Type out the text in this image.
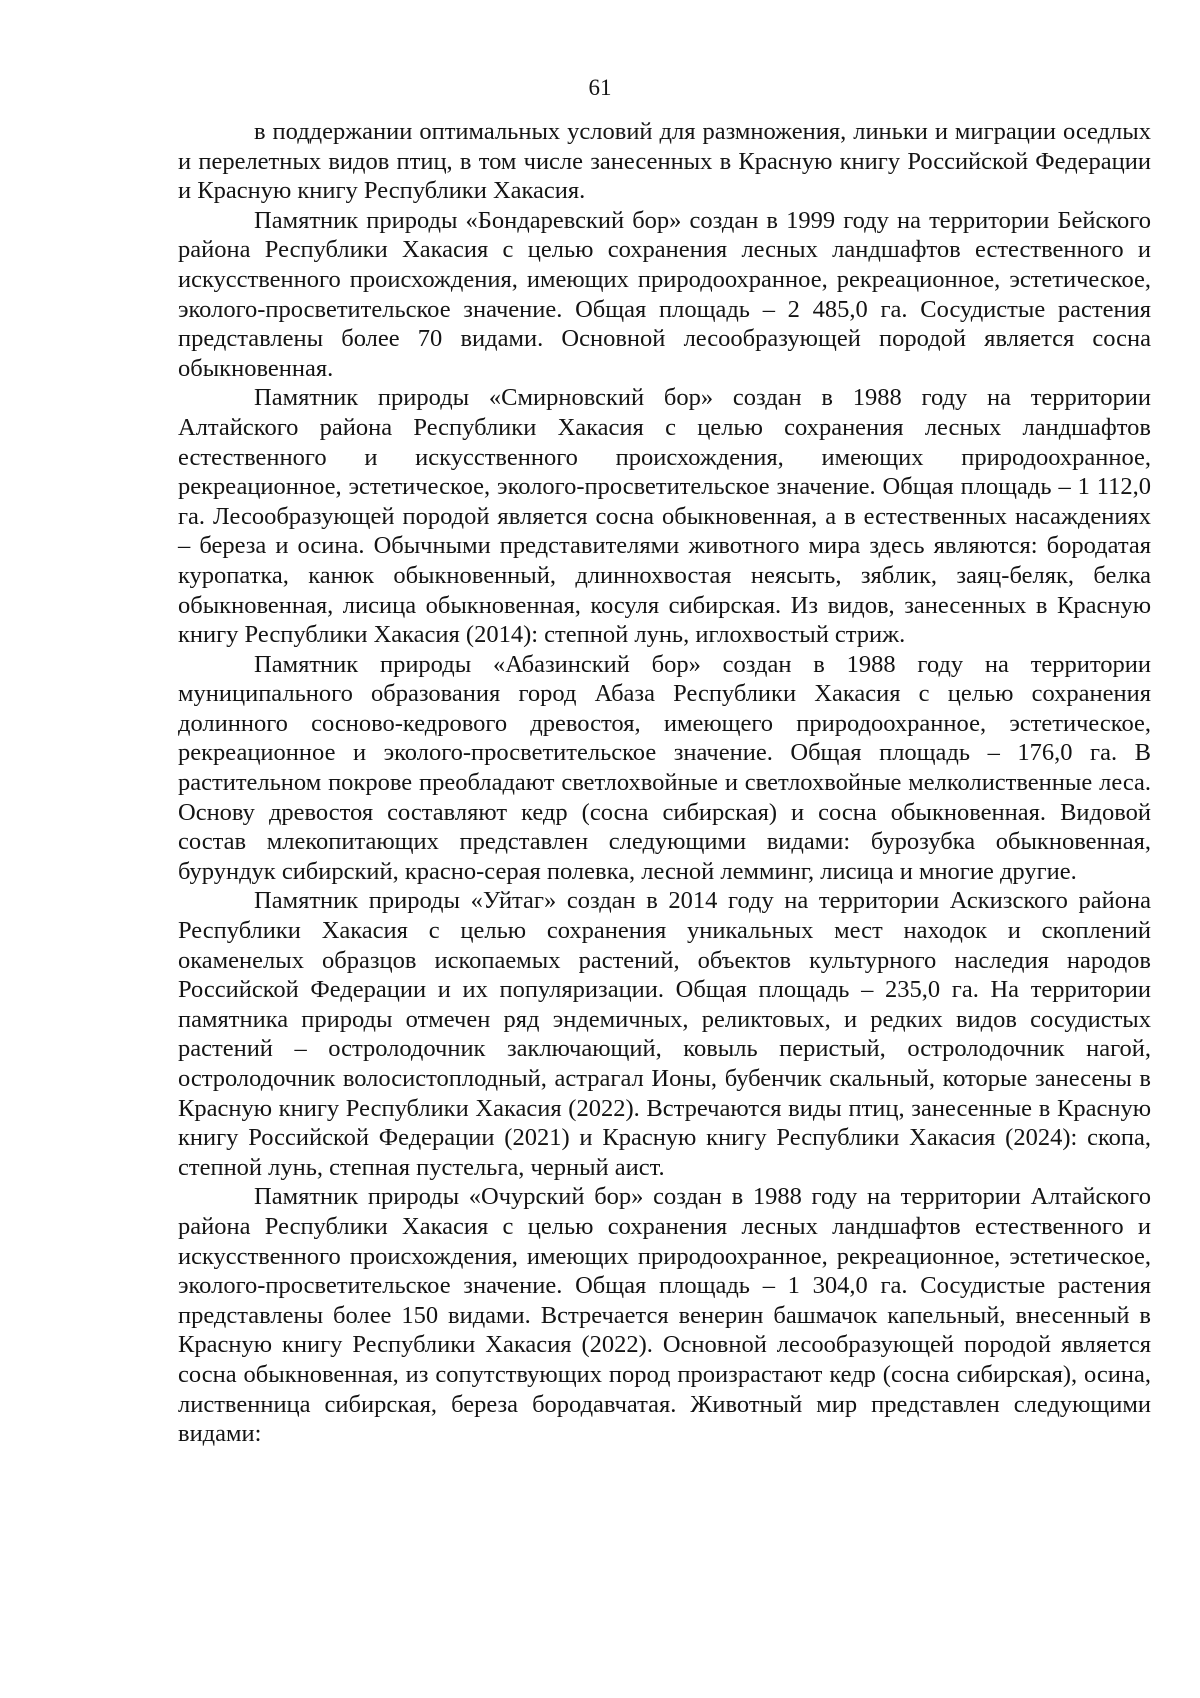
61

в поддержании оптимальных условий для размножения, линьки и миграции оседлых и перелетных видов птиц, в том числе занесенных в Красную книгу Российской Федерации и Красную книгу Республики Хакасия.

Памятник природы «Бондаревский бор» создан в 1999 году на территории Бейского района Республики Хакасия с целью сохранения лесных ландшафтов естественного и искусственного происхождения, имеющих природоохранное, рекреационное, эстетическое, эколого-просветительское значение. Общая площадь – 2 485,0 га. Сосудистые растения представлены более 70 видами. Основной лесообразующей породой является сосна обыкновенная.

Памятник природы «Смирновский бор» создан в 1988 году на территории Алтайского района Республики Хакасия с целью сохранения лесных ландшафтов естественного и искусственного происхождения, имеющих природоохранное, рекреационное, эстетическое, эколого-просветительское значение. Общая площадь – 1 112,0 га. Лесообразующей породой является сосна обыкновенная, а в естественных насаждениях – береза и осина. Обычными представителями животного мира здесь являются: бородатая куропатка, канюк обыкновенный, длиннохвостая неясыть, зяблик, заяц-беляк, белка обыкновенная, лисица обыкновенная, косуля сибирская. Из видов, занесенных в Красную книгу Республики Хакасия (2014): степной лунь, иглохвостый стриж.

Памятник природы «Абазинский бор» создан в 1988 году на территории муниципального образования город Абаза Республики Хакасия с целью сохранения долинного сосново-кедрового древостоя, имеющего природоохранное, эстетическое, рекреационное и эколого-просветительское значение. Общая площадь – 176,0 га. В растительном покрове преобладают светлохвойные и светлохвойные мелколиственные леса. Основу древостоя составляют кедр (сосна сибирская) и сосна обыкновенная. Видовой состав млекопитающих представлен следующими видами: бурозубка обыкновенная, бурундук сибирский, красно-серая полевка, лесной лемминг, лисица и многие другие.

Памятник природы «Уйтаг» создан в 2014 году на территории Аскизского района Республики Хакасия с целью сохранения уникальных мест находок и скоплений окаменелых образцов ископаемых растений, объектов культурного наследия народов Российской Федерации и их популяризации. Общая площадь – 235,0 га. На территории памятника природы отмечен ряд эндемичных, реликтовых, и редких видов сосудистых растений – остролодочник заключающий, ковыль перистый, остролодочник нагой, остролодочник волосистоплодный, астрагал Ионы, бубенчик скальный, которые занесены в Красную книгу Республики Хакасия (2022). Встречаются виды птиц, занесенные в Красную книгу Российской Федерации (2021) и Красную книгу Республики Хакасия (2024): скопа, степной лунь, степная пустельга, черный аист.

Памятник природы «Очурский бор» создан в 1988 году на территории Алтайского района Республики Хакасия с целью сохранения лесных ландшафтов естественного и искусственного происхождения, имеющих природоохранное, рекреационное, эстетическое, эколого-просветительское значение. Общая площадь – 1 304,0 га. Сосудистые растения представлены более 150 видами. Встречается венерин башмачок капельный, внесенный в Красную книгу Республики Хакасия (2022). Основной лесообразующей породой является сосна обыкновенная, из сопутствующих пород произрастают кедр (сосна сибирская), осина, лиственница сибирская, береза бородавчатая. Животный мир представлен следующими видами:
